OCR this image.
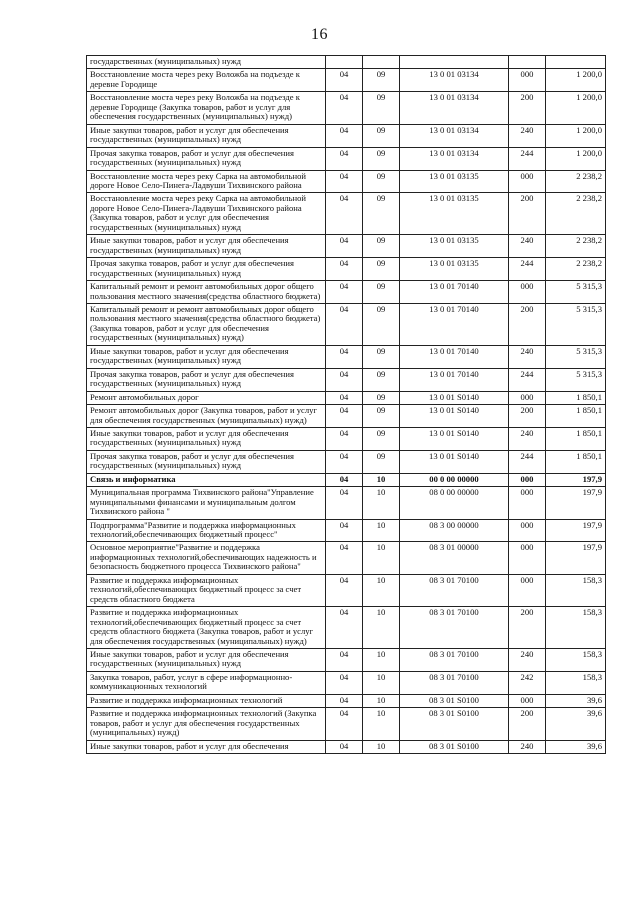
16
государственных (муниципальных) нужд					
Восстановление моста через реку Воложба на подъезде к деревне Городище	04	09	13 0 01 03134	000	1 200,0
Восстановление моста через реку Воложба на подъезде к деревне Городище (Закупка товаров, работ и услуг для обеспечения государственных (муниципальных) нужд)	04	09	13 0 01 03134	200	1 200,0
Иные закупки товаров, работ и услуг для обеспечения государственных (муниципальных) нужд	04	09	13 0 01 03134	240	1 200,0
Прочая закупка товаров, работ и услуг для обеспечения государственных (муниципальных) нужд	04	09	13 0 01 03134	244	1 200,0
Восстановление моста через реку Сарка на автомобильной дороге Новое Село-Пинега-Ладвуши Тихвинского района	04	09	13 0 01 03135	000	2 238,2
Восстановление моста через реку Сарка на автомобильной дороге Новое Село-Пинега-Ладвуши Тихвинского района (Закупка товаров, работ и услуг для обеспечения государственных (муниципальных) нужд	04	09	13 0 01 03135	200	2 238,2
Иные закупки товаров, работ и услуг для обеспечения государственных (муниципальных) нужд	04	09	13 0 01 03135	240	2 238,2
Прочая закупка товаров, работ и услуг для обеспечения государственных (муниципальных) нужд	04	09	13 0 01 03135	244	2 238,2
Капитальный ремонт и ремонт автомобильных дорог общего пользования местного значения(средства областного бюджета)	04	09	13 0 01 70140	000	5 315,3
Капитальный ремонт и ремонт автомобильных дорог общего пользования местного значения(средства областного бюджета) (Закупка товаров, работ и услуг для обеспечения государственных (муниципальных) нужд)	04	09	13 0 01 70140	200	5 315,3
Иные закупки товаров, работ и услуг для обеспечения государственных (муниципальных) нужд	04	09	13 0 01 70140	240	5 315,3
Прочая закупка товаров, работ и услуг для обеспечения государственных (муниципальных) нужд	04	09	13 0 01 70140	244	5 315,3
Ремонт автомобильных дорог	04	09	13 0 01 S0140	000	1 850,1
Ремонт автомобильных дорог (Закупка товаров, работ и услуг для обеспечения государственных (муниципальных) нужд)	04	09	13 0 01 S0140	200	1 850,1
Иные закупки товаров, работ и услуг для обеспечения государственных (муниципальных) нужд	04	09	13 0 01 S0140	240	1 850,1
Прочая закупка товаров, работ и услуг для обеспечения государственных (муниципальных) нужд	04	09	13 0 01 S0140	244	1 850,1
Связь и информатика	04	10	00 0 00 00000	000	197,9
Муниципальная программа Тихвинского района"Управление муниципальными финансами и муниципальным долгом Тихвинского района "	04	10	08 0 00 00000	000	197,9
Подпрограмма"Развитие и поддержка информационных технологий,обеспечивающих бюджетный процесс"	04	10	08 3 00 00000	000	197,9
Основное мероприятие"Развитие и поддержка информационных технологий,обеспечивающих надежность и безопасность бюджетного процесса Тихвинского района"	04	10	08 3 01 00000	000	197,9
Развитие и поддержка информационных технологий,обеспечивающих бюджетный процесс за счет средств областного бюджета	04	10	08 3 01 70100	000	158,3
Развитие и поддержка информационных технологий,обеспечивающих бюджетный процесс за счет средств областного бюджета (Закупка товаров, работ и услуг для обеспечения государственных (муниципальных) нужд)	04	10	08 3 01 70100	200	158,3
Иные закупки товаров, работ и услуг для обеспечения государственных (муниципальных) нужд	04	10	08 3 01 70100	240	158,3
Закупка товаров, работ, услуг в сфере информационно-коммуникационных технологий	04	10	08 3 01 70100	242	158,3
Развитие и поддержка информационных технологий	04	10	08 3 01 S0100	000	39,6
Развитие и поддержка информационных технологий (Закупка товаров, работ и услуг для обеспечения государственных (муниципальных) нужд)	04	10	08 3 01 S0100	200	39,6
Иные закупки товаров, работ и услуг для обеспечения	04	10	08 3 01 S0100	240	39,6
